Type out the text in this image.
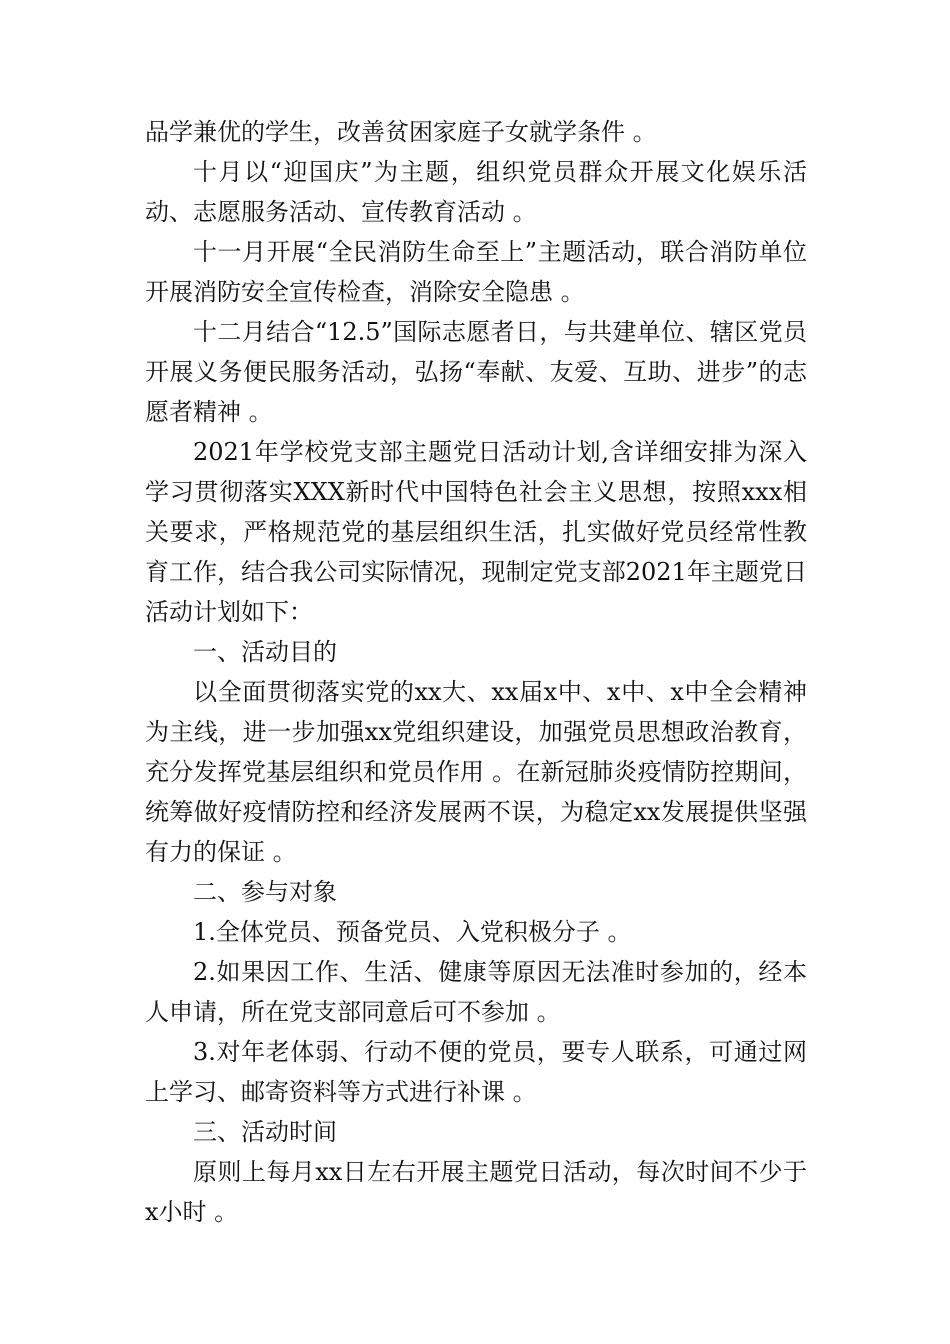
品学兼优的学生，改善贫困家庭子女就学条件 。

十月以“迎国庆”为主题，组织党员群众开展文化娱乐活动、志愿服务活动、宣传教育活动 。

十一月开展“全民消防生命至上”主题活动，联合消防单位开展消防安全宣传检查，消除安全隐患 。

十二月结合“12.5”国际志愿者日，与共建单位、辖区党员开展义务便民服务活动，弘扬“奉献、友爱、互助、进步”的志愿者精神 。

2021年学校党支部主题党日活动计划,含详细安排为深入学习贯彻落实XXX新时代中国特色社会主义思想，按照xxx相关要求，严格规范党的基层组织生活，扎实做好党员经常性教育工作，结合我公司实际情况，现制定党支部2021年主题党日活动计划如下：

一、活动目的

以全面贯彻落实党的xx大、xx届x中、x中、x中全会精神为主线，进一步加强xx党组织建设，加强党员思想政治教育，充分发挥党基层组织和党员作用 。在新冠肺炎疫情防控期间，统筹做好疫情防控和经济发展两不误，为稳定xx发展提供坚强有力的保证 。

二、参与对象

1.全体党员、预备党员、入党积极分子 。

2.如果因工作、生活、健康等原因无法准时参加的，经本人申请，所在党支部同意后可不参加 。

3.对年老体弱、行动不便的党员，要专人联系，可通过网上学习、邮寄资料等方式进行补课 。

三、活动时间

原则上每月xx日左右开展主题党日活动，每次时间不少于x小时 。
